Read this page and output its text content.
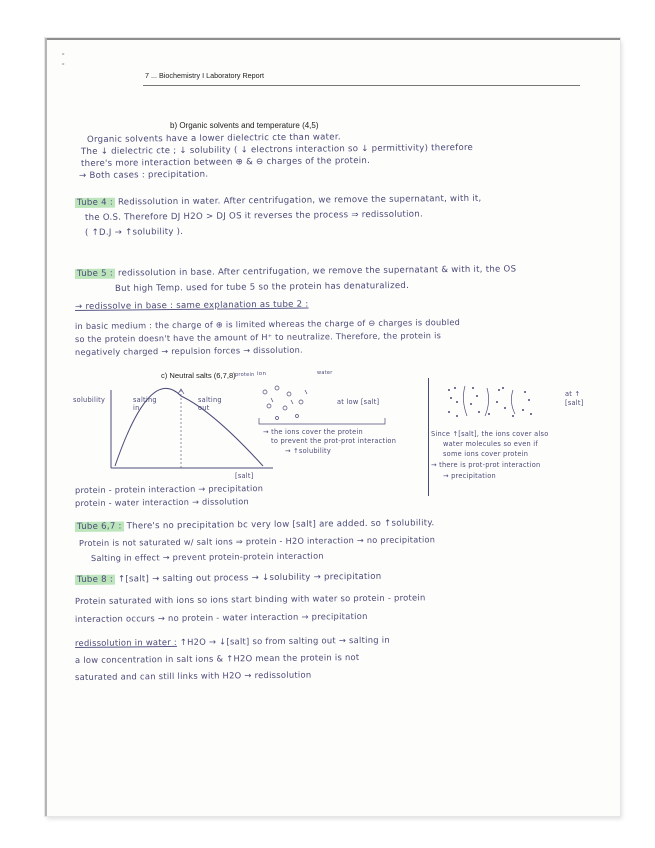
∘
∘
7 ... Biochemistry I Laboratory Report
b) Organic solvents and temperature (4,5)
Organic solvents have a lower dielectric cte than water.
The ↓ dielectric cte ; ↓ solubility ( ↓ electrons interaction so ↓ permittivity) therefore
there's more interaction between ⊕ & ⊖ charges of the protein.
→ Both cases : precipitation.
Tube 4 : Redissolution in water. After centrifugation, we remove the supernatant, with it,
the O.S. Therefore DJ H2O > DJ OS it reverses the process ⇒ redissolution.
( ↑D.J → ↑solubility ).
Tube 5 : redissolution in base. After centrifugation, we remove the supernatant & with it, the OS
But high Temp. used for tube 5 so the protein has denaturalized.
→ redissolve in base : same explanation as tube 2 :
in basic medium : the charge of ⊕ is limited whereas the charge of ⊖ charges is doubled
so the protein doesn't have the amount of H⁺ to neutralize. Therefore, the protein is
negatively charged → repulsion forces → dissolution.
c) Neutral salts (6,7,8)
solubility	salting in
salting out
[salt]
protein ion	water
at low [salt]
→ the ions cover the protein
to prevent the prot-prot interaction
→ ↑solubility
at ↑ [salt]
Since ↑[salt], the ions cover also
water molecules so even if
some ions cover protein
→ there is prot-prot interaction
→ precipitation
protein - protein interaction → precipitation
protein - water interaction → dissolution
Tube 6,7 : There's no precipitation bc very low [salt] are added. so ↑solubility.
Protein is not saturated w/ salt ions ⇒ protein - H2O interaction → no precipitation
Salting in effect → prevent protein-protein interaction
Tube 8 : ↑[salt] → salting out process → ↓solubility → precipitation
Protein saturated with ions so ions start binding with water so protein - protein
interaction occurs → no protein - water interaction → precipitation
redissolution in water : ↑H2O → ↓[salt] so from salting out → salting in
a low concentration in salt ions & ↑H2O mean the protein is not
saturated and can still links with H2O → redissolution
